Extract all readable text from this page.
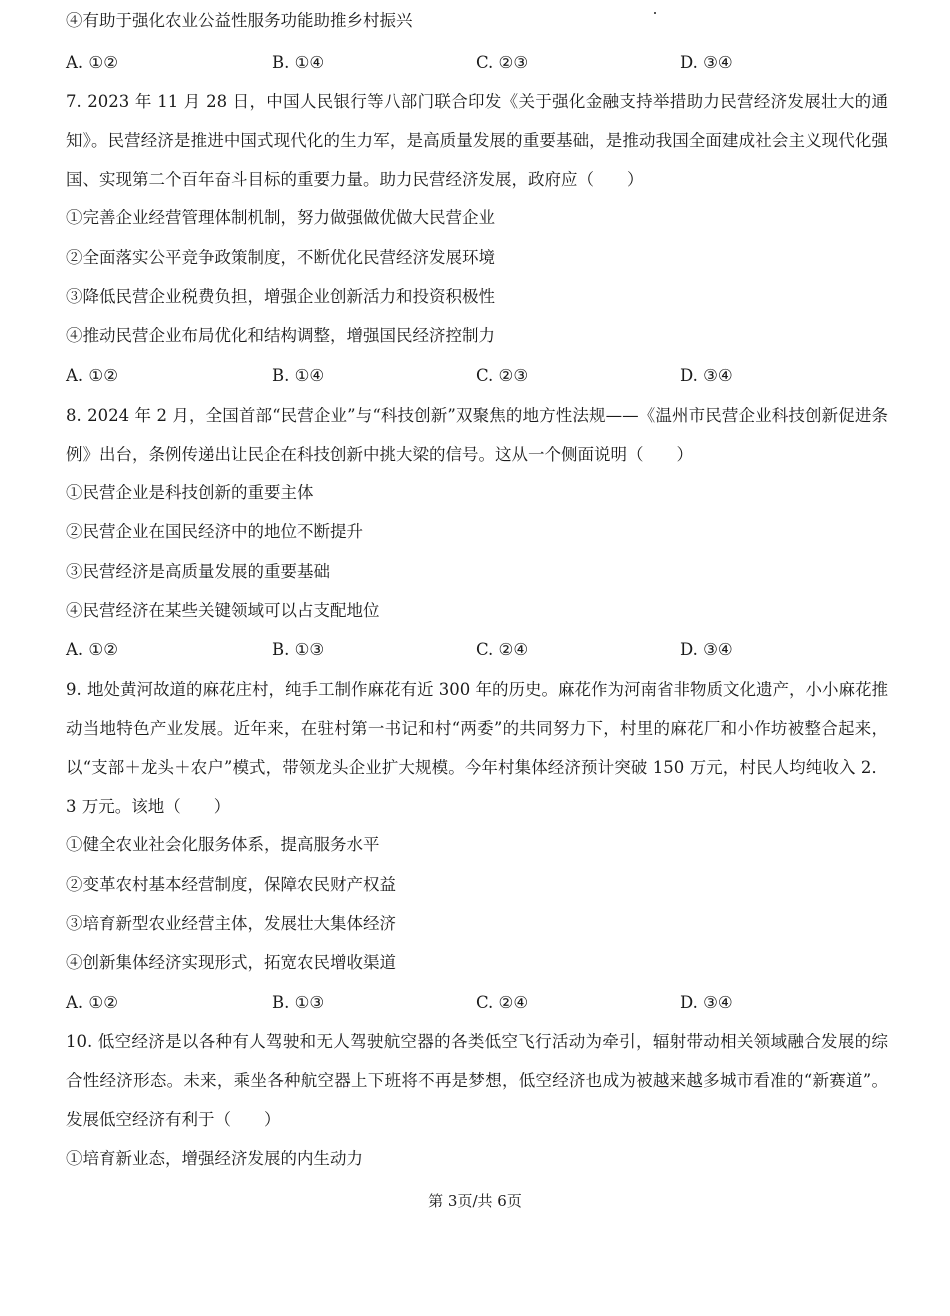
④有助于强化农业公益性服务功能助推乡村振兴
A. ①②	B. ①④	C. ②③	D. ③④
7. 2023 年 11 月 28 日，中国人民银行等八部门联合印发《关于强化金融支持举措助力民营经济发展壮大的通知》。民营经济是推进中国式现代化的生力军，是高质量发展的重要基础，是推动我国全面建成社会主义现代化强国、实现第二个百年奋斗目标的重要力量。助力民营经济发展，政府应（　　）
①完善企业经营管理体制机制，努力做强做优做大民营企业
②全面落实公平竞争政策制度，不断优化民营经济发展环境
③降低民营企业税费负担，增强企业创新活力和投资积极性
④推动民营企业布局优化和结构调整，增强国民经济控制力
A. ①②	B. ①④	C. ②③	D. ③④
8. 2024 年 2 月，全国首部“民营企业”与“科技创新”双聚焦的地方性法规——《温州市民营企业科技创新促进条例》出台，条例传递出让民企在科技创新中挑大梁的信号。这从一个侧面说明（　　）
①民营企业是科技创新的重要主体
②民营企业在国民经济中的地位不断提升
③民营经济是高质量发展的重要基础
④民营经济在某些关键领域可以占支配地位
A. ①②	B. ①③	C. ②④	D. ③④
9. 地处黄河故道的麻花庄村，纯手工制作麻花有近 300 年的历史。麻花作为河南省非物质文化遗产，小小麻花推动当地特色产业发展。近年来，在驻村第一书记和村“两委”的共同努力下，村里的麻花厂和小作坊被整合起来，以“支部＋龙头＋农户”模式，带领龙头企业扩大规模。今年村集体经济预计突破 150 万元，村民人均纯收入 2．3 万元。该地（　　）
①健全农业社会化服务体系，提高服务水平
②变革农村基本经营制度，保障农民财产权益
③培育新型农业经营主体，发展壮大集体经济
④创新集体经济实现形式，拓宽农民增收渠道
A. ①②	B. ①③	C. ②④	D. ③④
10. 低空经济是以各种有人驾驶和无人驾驶航空器的各类低空飞行活动为牵引，辐射带动相关领域融合发展的综合性经济形态。未来，乘坐各种航空器上下班将不再是梦想，低空经济也成为被越来越多城市看准的“新赛道”。发展低空经济有利于（　　）
①培育新业态，增强经济发展的内生动力
第 3页/共 6页
